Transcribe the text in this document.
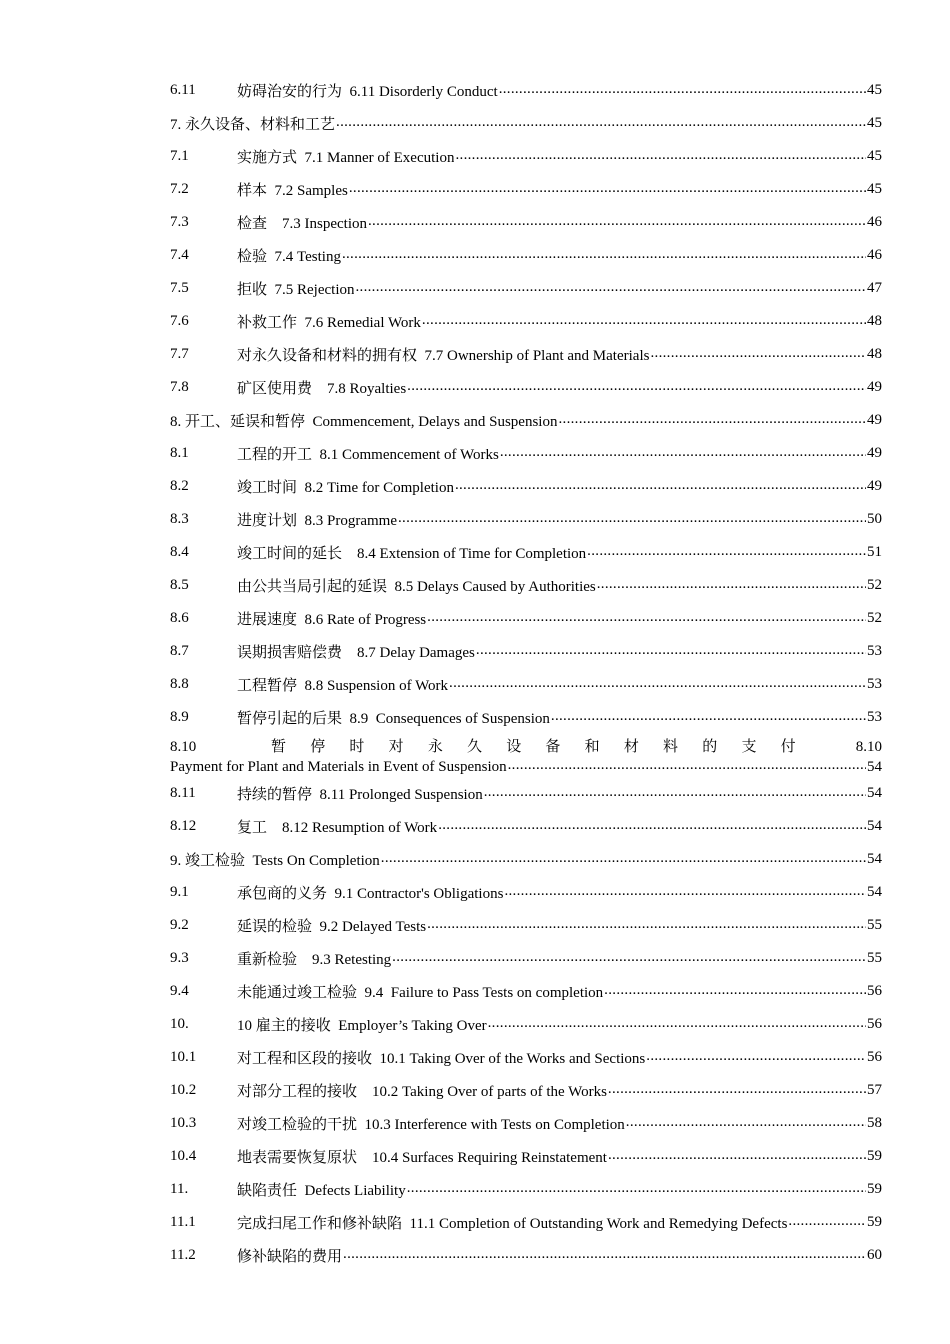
6.11	妨碍治安的行为  6.11 Disorderly Conduct .....	45
7. 永久设备、材料和工艺 .....	45
7.1	实施方式  7.1 Manner of Execution .....	45
7.2	样本  7.2 Samples .....	45
7.3	检查    7.3 Inspection .....	46
7.4	检验  7.4 Testing .....	46
7.5	拒收  7.5 Rejection .....	47
7.6	补救工作  7.6 Remedial Work .....	48
7.7	对永久设备和材料的拥有权  7.7 Ownership of Plant and Materials .....	48
7.8	矿区使用费    7.8 Royalties .....	49
8. 开工、延误和暂停  Commencement, Delays and Suspension .....	49
8.1	工程的开工  8.1 Commencement of Works .....	49
8.2	竣工时间  8.2 Time for Completion .....	49
8.3	进度计划  8.3 Programme .....	50
8.4	竣工时间的延长    8.4 Extension of Time for Completion .....	51
8.5	由公共当局引起的延误  8.5 Delays Caused by Authorities .....	52
8.6	进展速度  8.6 Rate of Progress .....	52
8.7	误期损害赔偿费    8.7 Delay Damages .....	53
8.8	工程暂停  8.8 Suspension of Work .....	53
8.9	暂停引起的后果  8.9  Consequences of Suspension .....	53
8.10	暂 停 时 对 永 久 设 备 和 材 料 的 支 付	8.10
Payment for Plant and Materials in Event of Suspension .....	54
8.11	持续的暂停  8.11 Prolonged Suspension .....	54
8.12	复工    8.12 Resumption of Work .....	54
9. 竣工检验  Tests On Completion .....	54
9.1	承包商的义务  9.1 Contractor's Obligations .....	54
9.2	延误的检验  9.2 Delayed Tests .....	55
9.3	重新检验    9.3 Retesting .....	55
9.4	未能通过竣工检验  9.4  Failure to Pass Tests on completion .....	56
10.	10 雇主的接收  Employer’s Taking Over .....	56
10.1	对工程和区段的接收  10.1 Taking Over of the Works and Sections .....	56
10.2	对部分工程的接收    10.2 Taking Over of parts of the Works .....	57
10.3	对竣工检验的干扰  10.3 Interference with Tests on Completion .....	58
10.4	地表需要恢复原状    10.4 Surfaces Requiring Reinstatement .....	59
11.	缺陷责任  Defects Liability .....	59
11.1	完成扫尾工作和修补缺陷  11.1 Completion of Outstanding Work and Remedying Defects .....	59
11.2	修补缺陷的费用 .....	60
